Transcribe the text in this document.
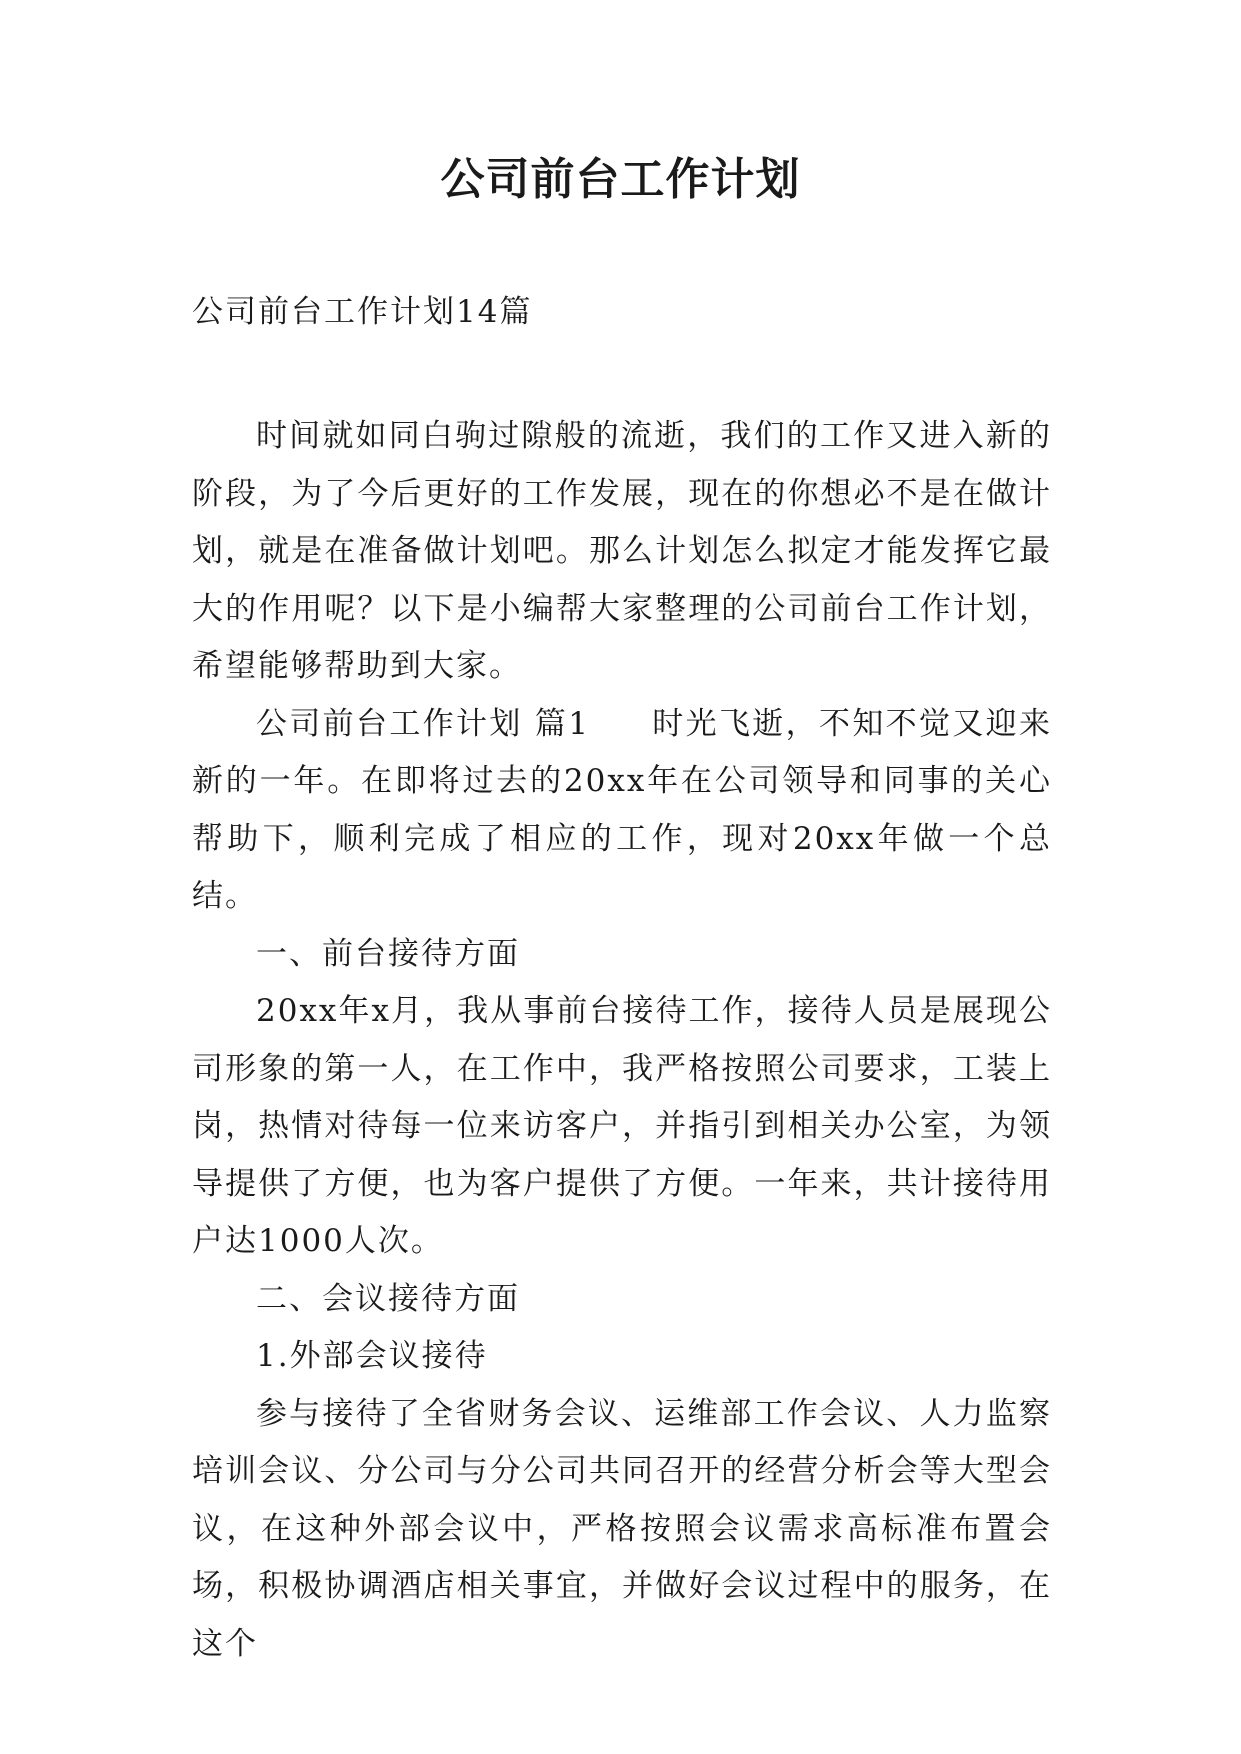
公司前台工作计划
公司前台工作计划14篇

时间就如同白驹过隙般的流逝，我们的工作又进入新的阶段，为了今后更好的工作发展，现在的你想必不是在做计划，就是在准备做计划吧。那么计划怎么拟定才能发挥它最大的作用呢？以下是小编帮大家整理的公司前台工作计划，希望能够帮助到大家。

公司前台工作计划 篇1 时光飞逝，不知不觉又迎来新的一年。在即将过去的20xx年在公司领导和同事的关心帮助下，顺利完成了相应的工作，现对20xx年做一个总结。

一、前台接待方面

20xx年x月，我从事前台接待工作，接待人员是展现公司形象的第一人，在工作中，我严格按照公司要求，工装上岗，热情对待每一位来访客户，并指引到相关办公室，为领导提供了方便，也为客户提供了方便。一年来，共计接待用户达1000人次。

二、会议接待方面

1.外部会议接待

参与接待了全省财务会议、运维部工作会议、人力监察培训会议、分公司与分公司共同召开的经营分析会等大型会议，在这种外部会议中，严格按照会议需求高标准布置会场，积极协调酒店相关事宜，并做好会议过程中的服务，在这个
